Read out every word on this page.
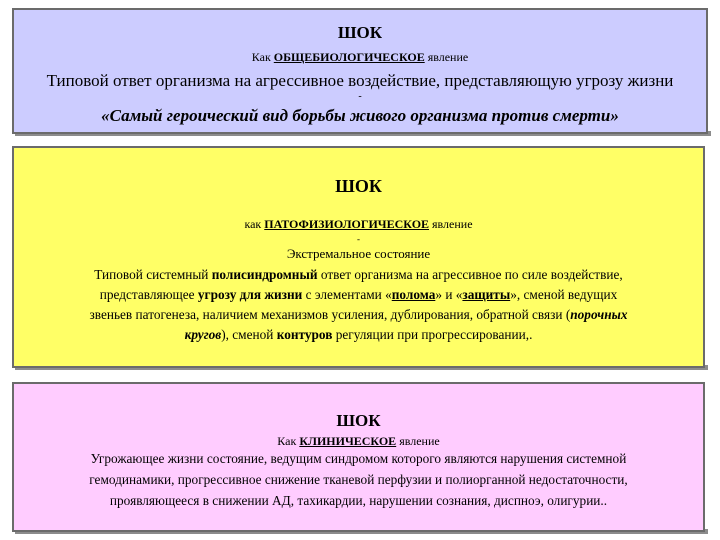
ШОК
Как ОБЩЕБИОЛОГИЧЕСКОЕ явление
Типовой ответ организма на агрессивное воздействие, представляющую угрозу жизни
-
«Самый героический вид борьбы живого организма против смерти»
ШОК
как ПАТОФИЗИОЛОГИЧЕСКОЕ явление
-
Экстремальное состояние
Типовой системный полисиндромный ответ организма на агрессивное по силе воздействие,
представляющее угрозу для жизни с элементами «полома» и «защиты», сменой ведущих
звеньев патогенеза, наличием механизмов усиления, дублирования, обратной связи (порочных
кругов), сменой контуров регуляции при прогрессировании,.
ШОК
Как КЛИНИЧЕСКОЕ явление
Угрожающее жизни состояние, ведущим синдромом которого являются нарушения системной
гемодинамики, прогрессивное снижение тканевой перфузии и полиорганной недостаточности,
проявляющееся в снижении АД, тахикардии, нарушении сознания, диспноэ, олигурии..
